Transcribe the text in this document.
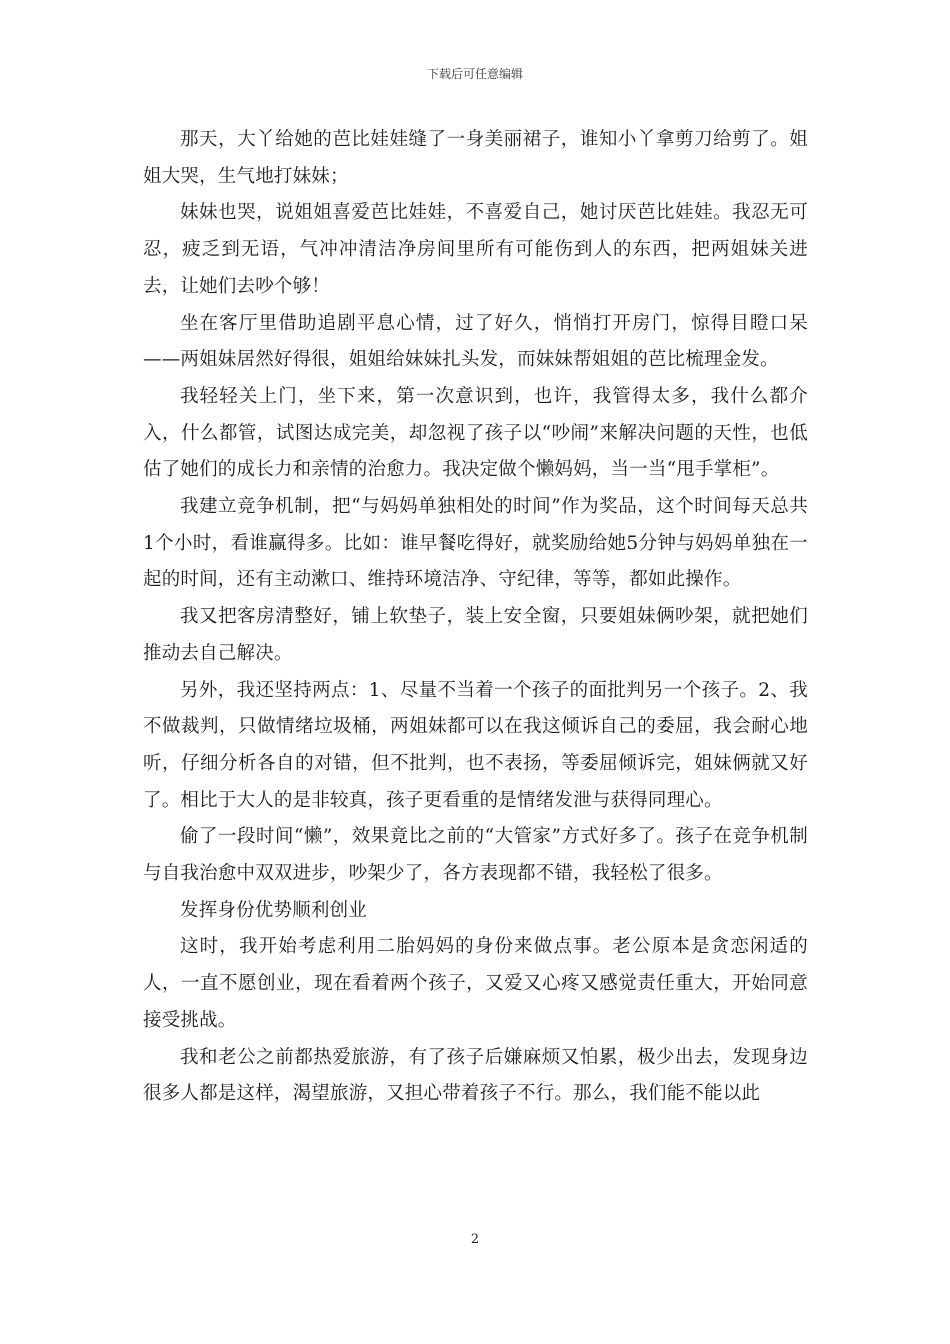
下载后可任意编辑

那天，大丫给她的芭比娃娃缝了一身美丽裙子，谁知小丫拿剪刀给剪了。姐姐大哭，生气地打妹妹；

妹妹也哭，说姐姐喜爱芭比娃娃，不喜爱自己，她讨厌芭比娃娃。我忍无可忍，疲乏到无语，气冲冲清洁净房间里所有可能伤到人的东西，把两姐妹关进去，让她们去吵个够！

坐在客厅里借助追剧平息心情，过了好久，悄悄打开房门，惊得目瞪口呆——两姐妹居然好得很，姐姐给妹妹扎头发，而妹妹帮姐姐的芭比梳理金发。

我轻轻关上门，坐下来，第一次意识到，也许，我管得太多，我什么都介入，什么都管，试图达成完美，却忽视了孩子以“吵闹”来解决问题的天性，也低估了她们的成长力和亲情的治愈力。我决定做个懒妈妈，当一当“甩手掌柜”。

我建立竞争机制，把“与妈妈单独相处的时间”作为奖品，这个时间每天总共1个小时，看谁赢得多。比如：谁早餐吃得好，就奖励给她5分钟与妈妈单独在一起的时间，还有主动漱口、维持环境洁净、守纪律，等等，都如此操作。

我又把客房清整好，铺上软垫子，装上安全窗，只要姐妹俩吵架，就把她们推动去自己解决。

另外，我还坚持两点：1、尽量不当着一个孩子的面批判另一个孩子。2、我不做裁判，只做情绪垃圾桶，两姐妹都可以在我这倾诉自己的委屈，我会耐心地听，仔细分析各自的对错，但不批判，也不表扬，等委屈倾诉完，姐妹俩就又好了。相比于大人的是非较真，孩子更看重的是情绪发泄与获得同理心。

偷了一段时间“懒”，效果竟比之前的“大管家”方式好多了。孩子在竞争机制与自我治愈中双双进步，吵架少了，各方表现都不错，我轻松了很多。

发挥身份优势顺利创业

这时，我开始考虑利用二胎妈妈的身份来做点事。老公原本是贪恋闲适的人，一直不愿创业，现在看着两个孩子，又爱又心疼又感觉责任重大，开始同意接受挑战。

我和老公之前都热爱旅游，有了孩子后嫌麻烦又怕累，极少出去，发现身边很多人都是这样，渴望旅游，又担心带着孩子不行。那么，我们能不能以此

2
